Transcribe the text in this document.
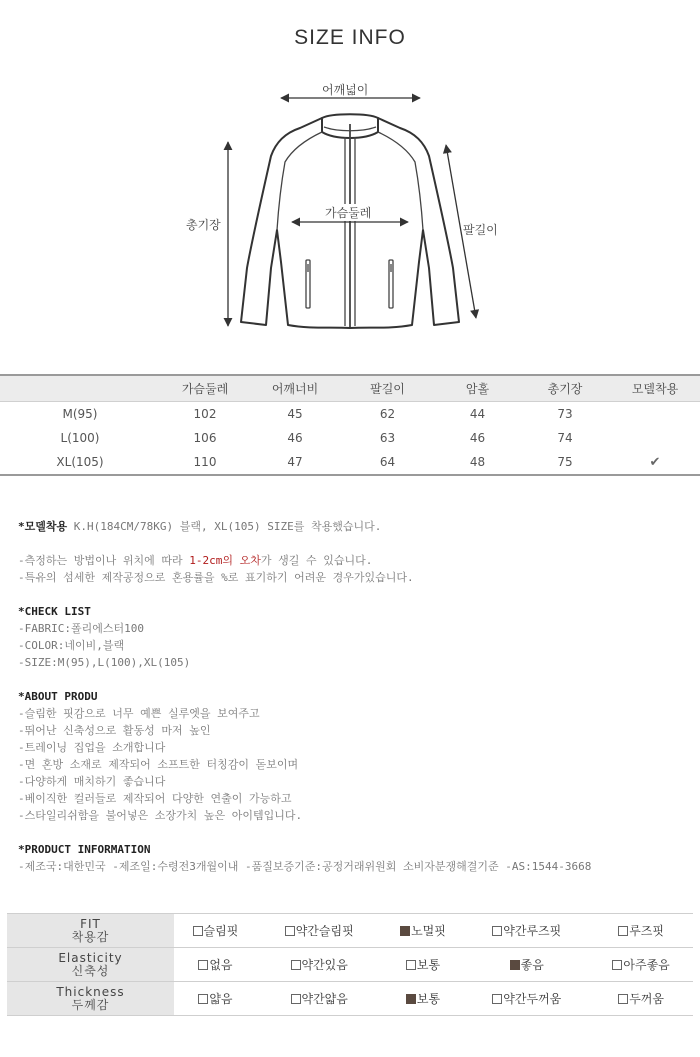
SIZE INFO
어깨넓이
가슴둘레
총기장	팔길이
	가슴둘레	어깨너비	팔길이	암홀	총기장	모델착용
M(95)	102	45	62	44	73	
L(100)	106	46	63	46	74	
XL(105)	110	47	64	48	75	✔

*모델착용 K.H(184CM/78KG) 블랙, XL(105) SIZE를 착용했습니다.

-측정하는 방법이나 위치에 따라 1-2cm의 오차가 생길 수 있습니다.

-특유의 섬세한 제작공정으로 혼용률을 %로 표기하기 어려운 경우가있습니다.

*CHECK LIST

-FABRIC:폴리에스터100

-COLOR:네이비,블랙

-SIZE:M(95),L(100),XL(105)

*ABOUT PRODU

-슬림한 핏감으로 너무 예쁜 실루엣을 보여주고

-뛰어난 신축성으로 활동성 마저 높인

-트레이닝 집업을 소개합니다

-면 혼방 소재로 제작되어 소프트한 터칭감이 돋보이며

-다양하게 매치하기 좋습니다

-베이직한 컬러들로 제작되어 다양한 연출이 가능하고

-스타일리쉬함을 불어넣은 소장가치 높은 아이템입니다.

*PRODUCT INFORMATION

-제조국:대한민국 -제조일:수령전3개월이내 -품질보증기준:공정거래위원회 소비자분쟁해결기준 -AS:1544-3668

FIT
착용감	슬림핏	약간슬림핏	노멀핏	약간루즈핏	루즈핏

Elasticity
신축성	없음	약간있음	보통	좋음	아주좋음

Thickness
두께감	얇음	약간얇음	보통	약간두꺼움	두꺼움
